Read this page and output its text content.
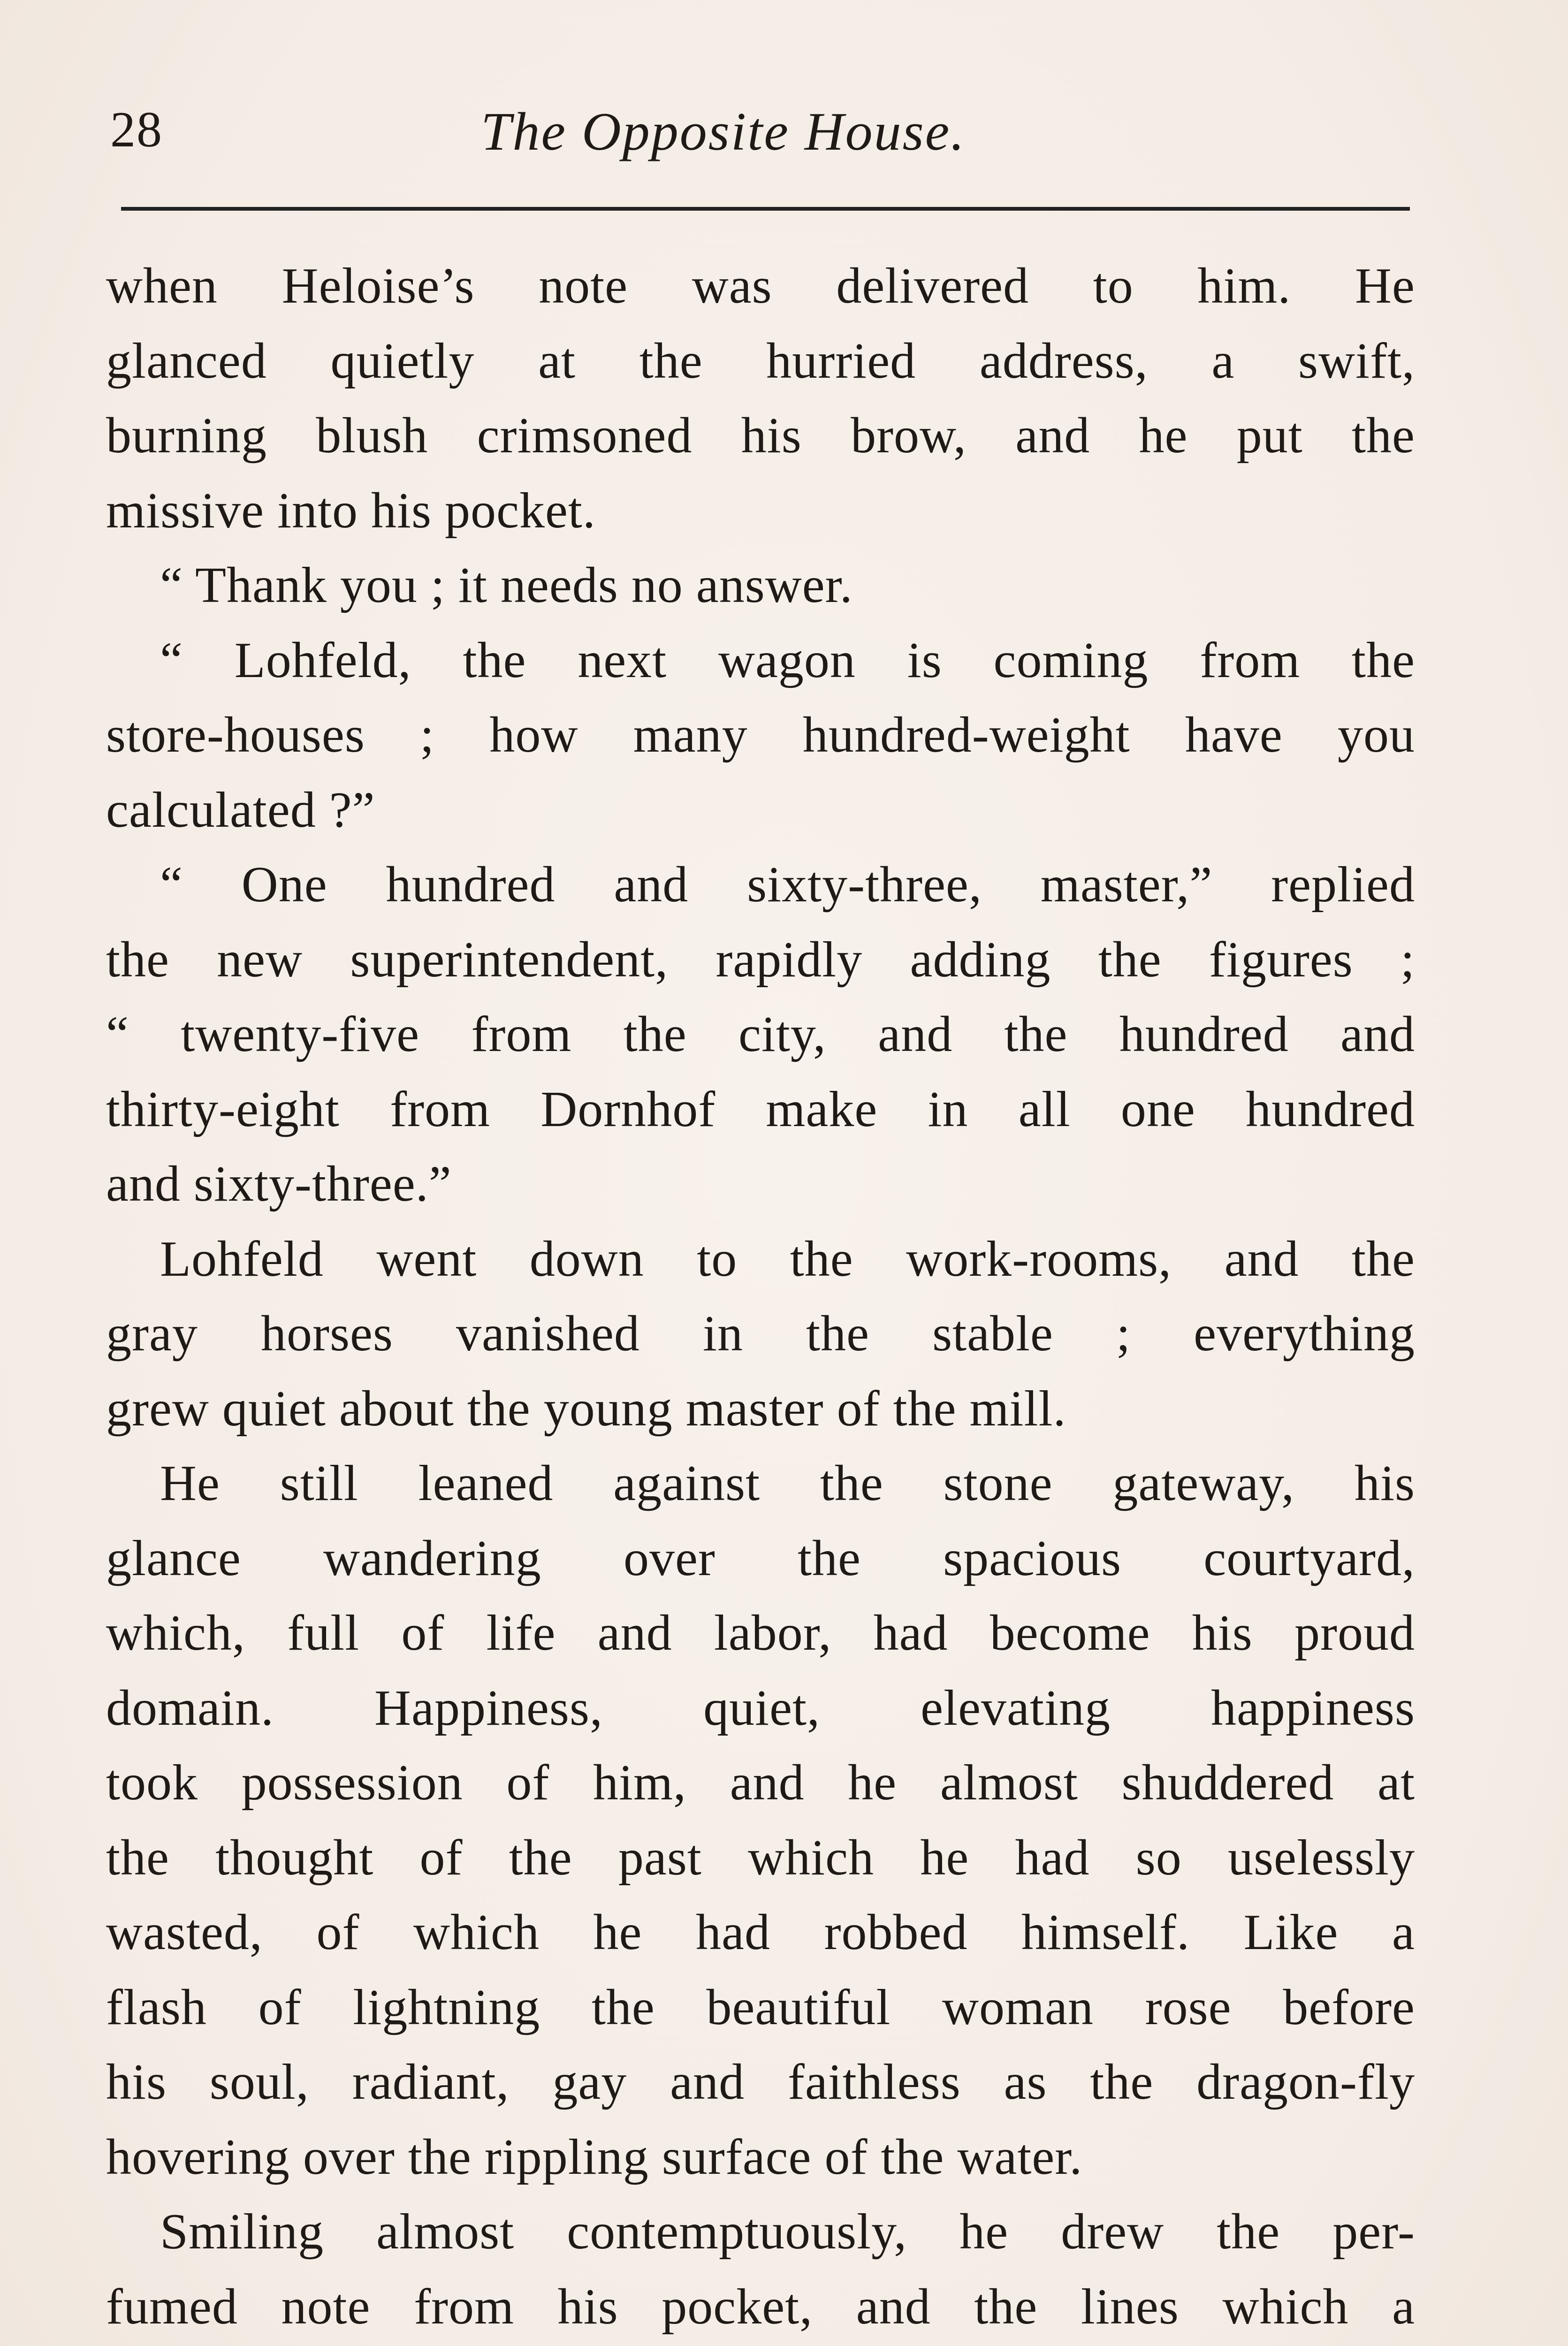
28	The Opposite House.
when Heloise’s note was delivered to him. He
glanced quietly at the hurried address, a swift,
burning blush crimsoned his brow, and he put the
missive into his pocket.
“ Thank you ; it needs no answer.
“ Lohfeld, the next wagon is coming from the
store-houses ; how many hundred-weight have you
calculated ?”
“ One hundred and sixty-three, master,” replied
the new superintendent, rapidly adding the figures ;
“ twenty-five from the city, and the hundred and
thirty-eight from Dornhof make in all one hundred
and sixty-three.”
Lohfeld went down to the work-rooms, and the
gray horses vanished in the stable ; everything
grew quiet about the young master of the mill.
He still leaned against the stone gateway, his
glance wandering over the spacious courtyard,
which, full of life and labor, had become his proud
domain. Happiness, quiet, elevating happiness
took possession of him, and he almost shuddered at
the thought of the past which he had so uselessly
wasted, of which he had robbed himself. Like a
flash of lightning the beautiful woman rose before
his soul, radiant, gay and faithless as the dragon-fly
hovering over the rippling surface of the water.
Smiling almost contemptuously, he drew the per-
fumed note from his pocket, and the lines which a
